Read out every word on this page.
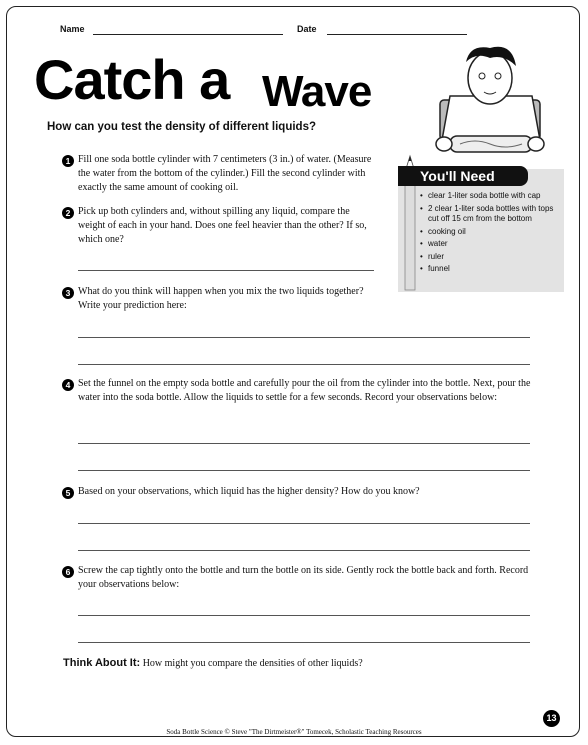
Name	Date
Catch a Wave
How can you test the density of different liquids?
• clear 1-liter soda bottle with cap
• 2 clear 1-liter soda bottles with tops cut off 15 cm from the bottom
• cooking oil
• water
• ruler
• funnel
You'll Need
1 Fill one soda bottle cylinder with 7 centimeters (3 in.) of water. (Measure the water from the bottom of the cylinder.) Fill the second cylinder with exactly the same amount of cooking oil.
2 Pick up both cylinders and, without spilling any liquid, compare the weight of each in your hand. Does one feel heavier than the other? If so, which one?
3 What do you think will happen when you mix the two liquids together? Write your prediction here:
4 Set the funnel on the empty soda bottle and carefully pour the oil from the cylinder into the bottle. Next, pour the water into the soda bottle. Allow the liquids to settle for a few seconds. Record your observations below:
5 Based on your observations, which liquid has the higher density? How do you know?
6 Screw the cap tightly onto the bottle and turn the bottle on its side. Gently rock the bottle back and forth. Record your observations below:
Think About It: How might you compare the densities of other liquids?
Soda Bottle Science © Steve "The Dirtmeister®" Tomecek, Scholastic Teaching Resources
13
